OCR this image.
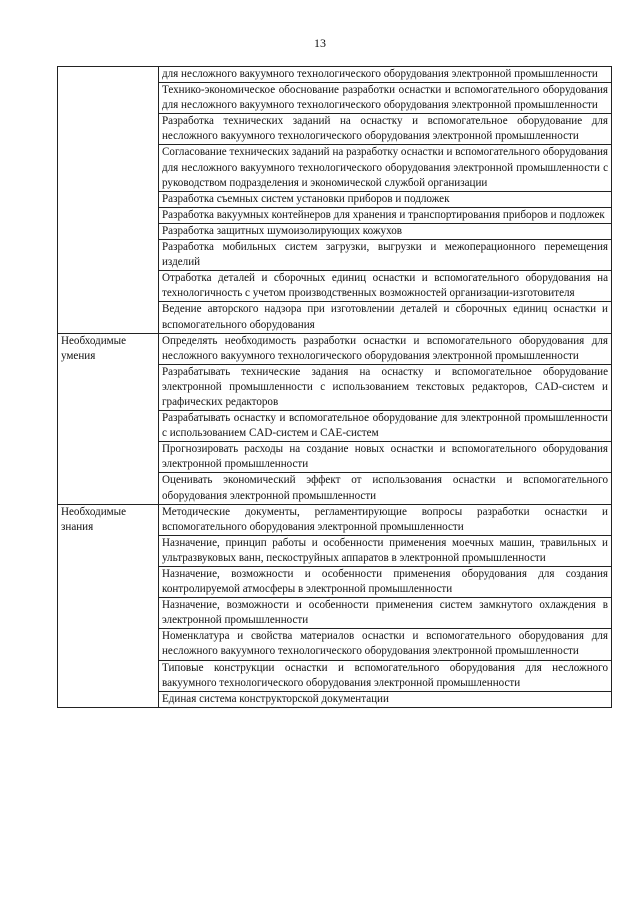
13
	для несложного вакуумного технологического оборудования электронной промышленности
	Технико-экономическое обоснование разработки оснастки и вспомогательного оборудования для несложного вакуумного технологического оборудования электронной промышленности
	Разработка технических заданий на оснастку и вспомогательное оборудование для несложного вакуумного технологического оборудования электронной промышленности
	Согласование технических заданий на разработку оснастки и вспомогательного оборудования для несложного вакуумного технологического оборудования электронной промышленности с руководством подразделения и экономической службой организации
	Разработка съемных систем установки приборов и подложек
	Разработка вакуумных контейнеров для хранения и транспортирования приборов и подложек
	Разработка защитных шумоизолирующих кожухов
	Разработка мобильных систем загрузки, выгрузки и межоперационного перемещения изделий
	Отработка деталей и сборочных единиц оснастки и вспомогательного оборудования на технологичность с учетом производственных возможностей организации-изготовителя
	Ведение авторского надзора при изготовлении деталей и сборочных единиц оснастки и вспомогательного оборудования
Необходимые умения	Определять необходимость разработки оснастки и вспомогательного оборудования для несложного вакуумного технологического оборудования электронной промышленности
	Разрабатывать технические задания на оснастку и вспомогательное оборудование электронной промышленности с использованием текстовых редакторов, CAD-систем и графических редакторов
	Разрабатывать оснастку и вспомогательное оборудование для электронной промышленности с использованием CAD-систем и CAE-систем
	Прогнозировать расходы на создание новых оснастки и вспомогательного оборудования электронной промышленности
	Оценивать экономический эффект от использования оснастки и вспомогательного оборудования электронной промышленности
Необходимые знания	Методические документы, регламентирующие вопросы разработки оснастки и вспомогательного оборудования электронной промышленности
	Назначение, принцип работы и особенности применения моечных машин, травильных и ультразвуковых ванн, пескоструйных аппаратов в электронной промышленности
	Назначение, возможности и особенности применения оборудования для создания контролируемой атмосферы в электронной промышленности
	Назначение, возможности и особенности применения систем замкнутого охлаждения в электронной промышленности
	Номенклатура и свойства материалов оснастки и вспомогательного оборудования для несложного вакуумного технологического оборудования электронной промышленности
	Типовые конструкции оснастки и вспомогательного оборудования для несложного вакуумного технологического оборудования электронной промышленности
	Единая система конструкторской документации
